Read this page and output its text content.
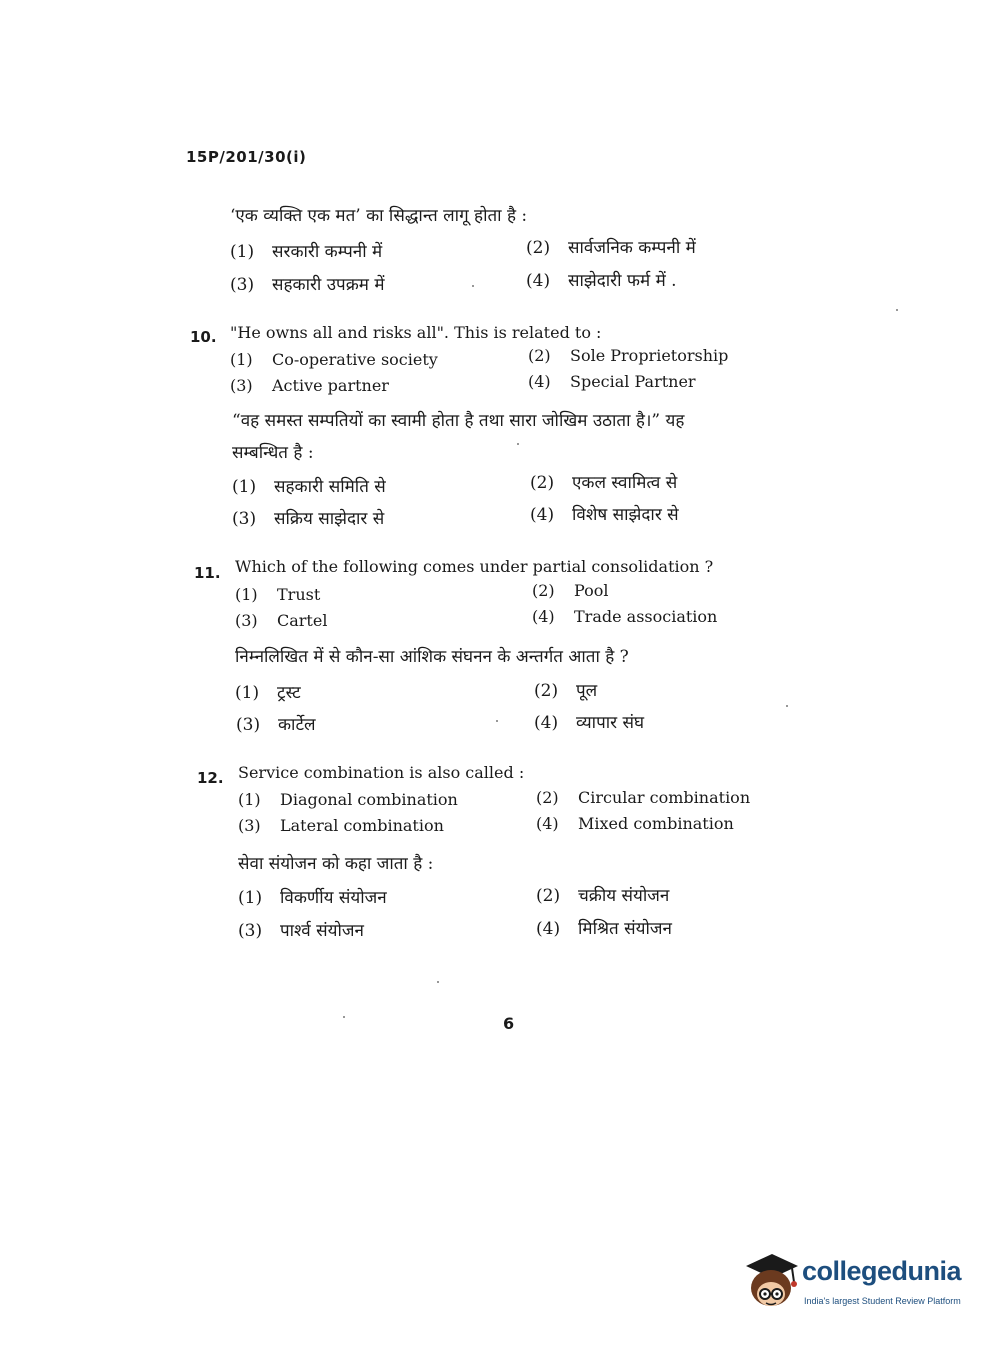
15P/201/30(i)
‘एक व्यक्ति एक मत’ का सिद्धान्त लागू होता है :
(1) सरकारी कम्पनी में	(2) सार्वजनिक कम्पनी में
(3) सहकारी उपक्रम में	(4) साझेदारी फर्म में .
10. "He owns all and risks all". This is related to :
(1) Co-operative society	(2) Sole Proprietorship
(3) Active partner	(4) Special Partner
“वह समस्त सम्पतियों का स्वामी होता है तथा सारा जोखिम उठाता है।” यह
सम्बन्धित है :
(1) सहकारी समिति से	(2) एकल स्वामित्व से
(3) सक्रिय साझेदार से	(4) विशेष साझेदार से
11. Which of the following comes under partial consolidation ?
(1) Trust	(2) Pool
(3) Cartel	(4) Trade association
निम्नलिखित में से कौन-सा आंशिक संघनन के अन्तर्गत आता है ?
(1) ट्रस्ट	(2) पूल
(3) कार्टेल	(4) व्यापार संघ
12. Service combination is also called :
(1) Diagonal combination	(2) Circular combination
(3) Lateral combination	(4) Mixed combination
सेवा संयोजन को कहा जाता है :
(1) विकर्णीय संयोजन	(2) चक्रीय संयोजन
(3) पार्श्व संयोजन	(4) मिश्रित संयोजन
6
collegedunia
India's largest Student Review Platform
